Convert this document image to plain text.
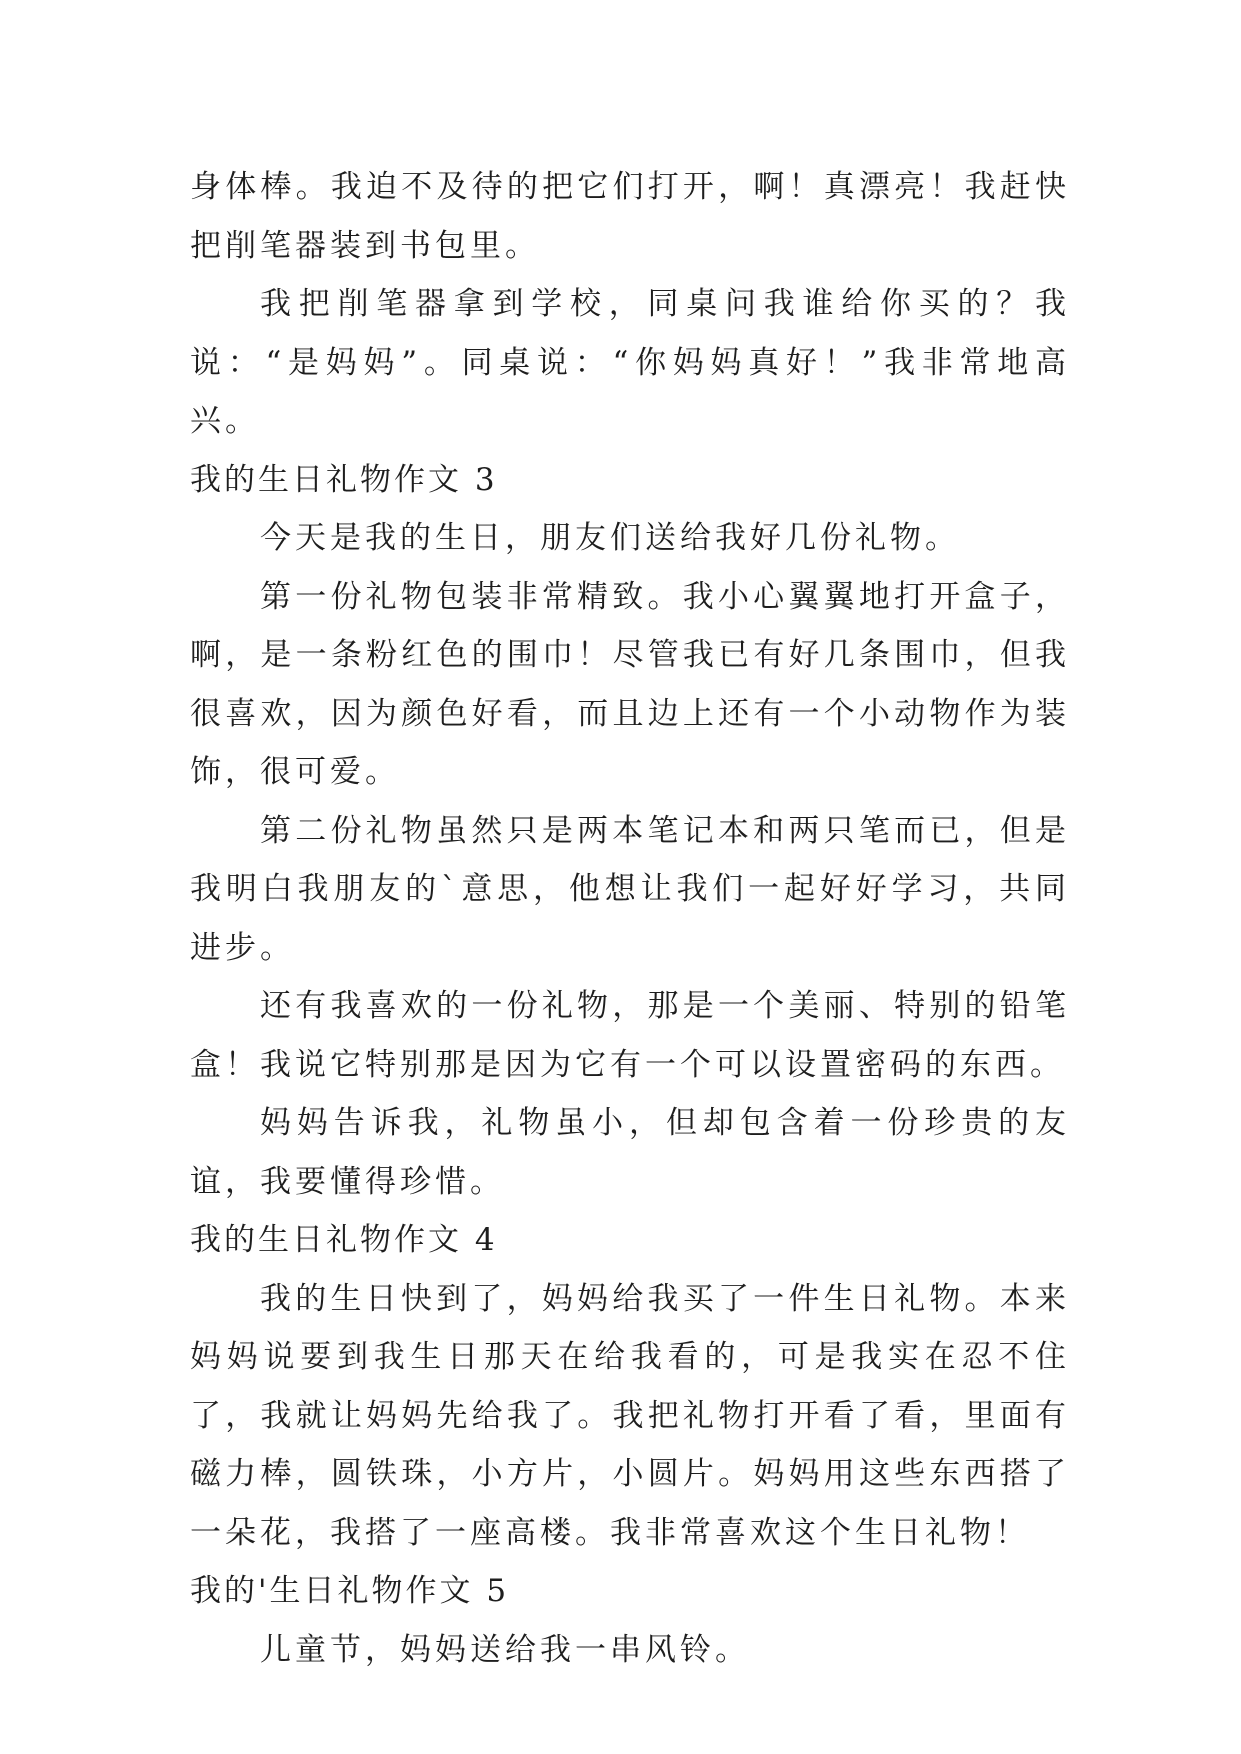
身体棒。我迫不及待的把它们打开，啊！真漂亮！我赶快把削笔器装到书包里。

我把削笔器拿到学校，同桌问我谁给你买的？我说：“是妈妈”。同桌说：“你妈妈真好！”我非常地高兴。

我的生日礼物作文 3

今天是我的生日，朋友们送给我好几份礼物。

第一份礼物包装非常精致。我小心翼翼地打开盒子，啊，是一条粉红色的围巾！尽管我已有好几条围巾，但我很喜欢，因为颜色好看，而且边上还有一个小动物作为装饰，很可爱。

第二份礼物虽然只是两本笔记本和两只笔而已，但是我明白我朋友的`意思，他想让我们一起好好学习，共同进步。

还有我喜欢的一份礼物，那是一个美丽、特别的铅笔盒！我说它特别那是因为它有一个可以设置密码的东西。

妈妈告诉我，礼物虽小，但却包含着一份珍贵的友谊，我要懂得珍惜。

我的生日礼物作文 4

我的生日快到了，妈妈给我买了一件生日礼物。本来妈妈说要到我生日那天在给我看的，可是我实在忍不住了，我就让妈妈先给我了。我把礼物打开看了看，里面有磁力棒，圆铁珠，小方片，小圆片。妈妈用这些东西搭了一朵花，我搭了一座高楼。我非常喜欢这个生日礼物！

我的'生日礼物作文 5

儿童节，妈妈送给我一串风铃。
